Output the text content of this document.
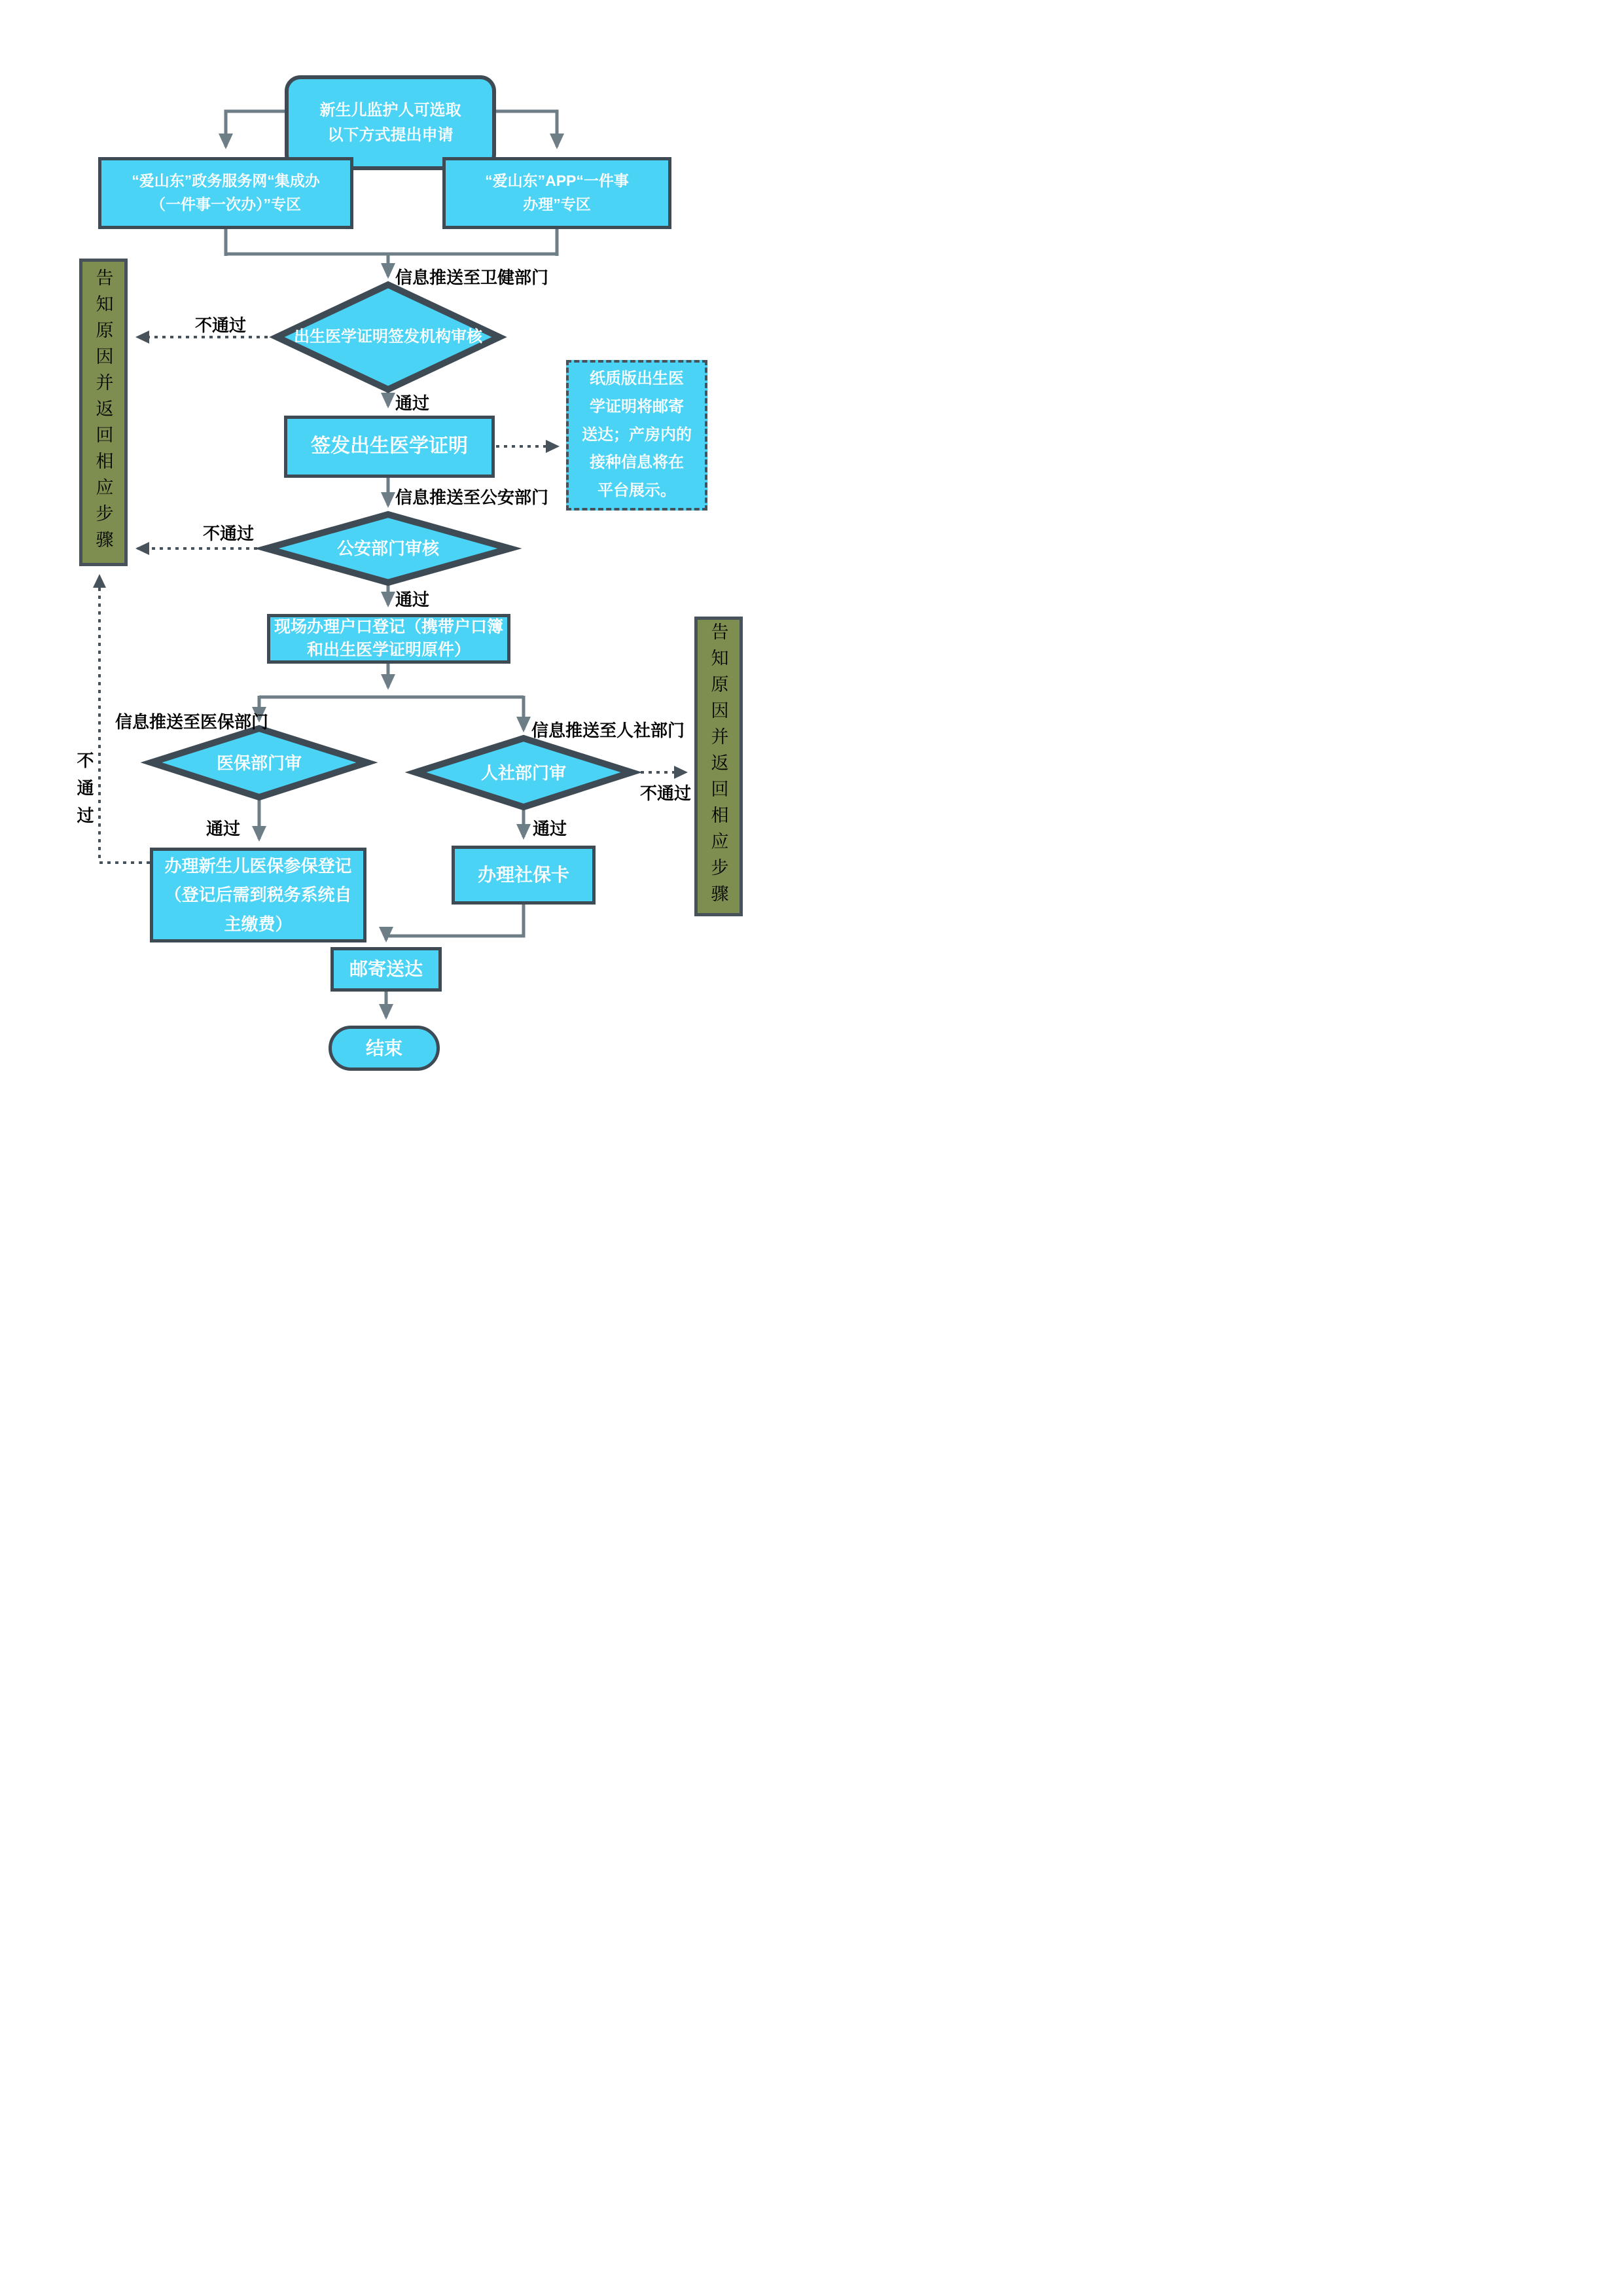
新生儿监护人可选取
以下方式提出申请
“爱山东”政务服务网“集成办
（一件事一次办）”专区
“爱山东”APP“一件事
办理”专区
告知原因并返回相应步骤	出生医学证明签发机构审核
签发出生医学证明
纸质版出生医
学证明将邮寄
送达；产房内的
接种信息将在
平台展示。
公安部门审核
现场办理户口登记（携带户口簿
和出生医学证明原件）
医保部门审	人社部门审	告知原因并返回相应步骤
办理新生儿医保参保登记
（登记后需到税务系统自
主缴费）
办理社保卡
邮寄送达
结束
信息推送至卫健部门
不通过
通过
信息推送至公安部门
不通过
通过
信息推送至医保部门	信息推送至人社部门
通过	通过
不通过
不通过
